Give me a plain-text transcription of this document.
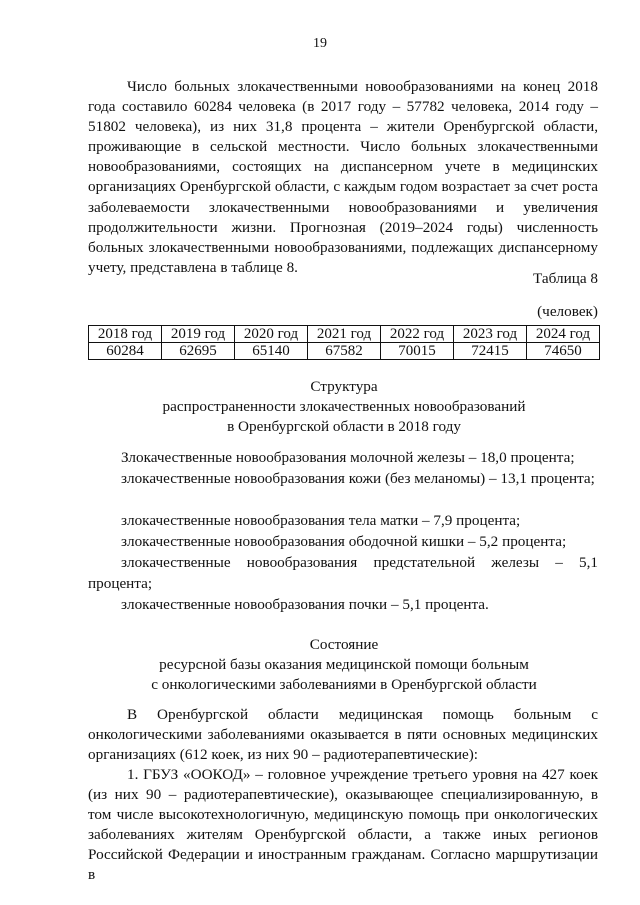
19

Число больных злокачественными новообразованиями на конец 2018 года составило 60284 человека (в 2017 году – 57782 человека, 2014 году – 51802 человека), из них 31,8 процента – жители Оренбургской области, проживающие в сельской местности. Число больных злокачественными новообразованиями, состоящих на диспансерном учете в медицинских организациях Оренбургской области, с каждым годом возрастает за счет роста заболеваемости злокачественными новообразованиями и увеличения продолжительности жизни. Прогнозная (2019–2024 годы) численность больных злокачественными новообразованиями, подлежащих диспансерному учету, представлена в таблице 8.

Таблица 8
(человек)
2018 год	2019 год	2020 год	2021 год	2022 год	2023 год	2024 год
60284	62695	65140	67582	70015	72415	74650

Структура

распространенности злокачественных новообразований

в Оренбургской области в 2018 году

Злокачественные новообразования молочной железы – 18,0 процента;

злокачественные новообразования кожи (без меланомы) – 13,1 процента;

злокачественные новообразования тела матки – 7,9 процента;

злокачественные новообразования ободочной кишки – 5,2 процента;

злокачественные новообразования предстательной железы – 5,1 процента;

злокачественные новообразования почки – 5,1 процента.

Состояние

ресурсной базы оказания медицинской помощи больным

с онкологическими заболеваниями в Оренбургской области

В Оренбургской области медицинская помощь больным с онкологическими заболеваниями оказывается в пяти основных медицинских организациях (612 коек, из них 90 – радиотерапевтические):

1. ГБУЗ «ООКОД» – головное учреждение третьего уровня на 427 коек (из них 90 – радиотерапевтические), оказывающее специализированную, в том числе высокотехнологичную, медицинскую помощь при онкологических заболеваниях жителям Оренбургской области, а также иных регионов Российской Федерации и иностранным гражданам. Согласно маршрутизации в
